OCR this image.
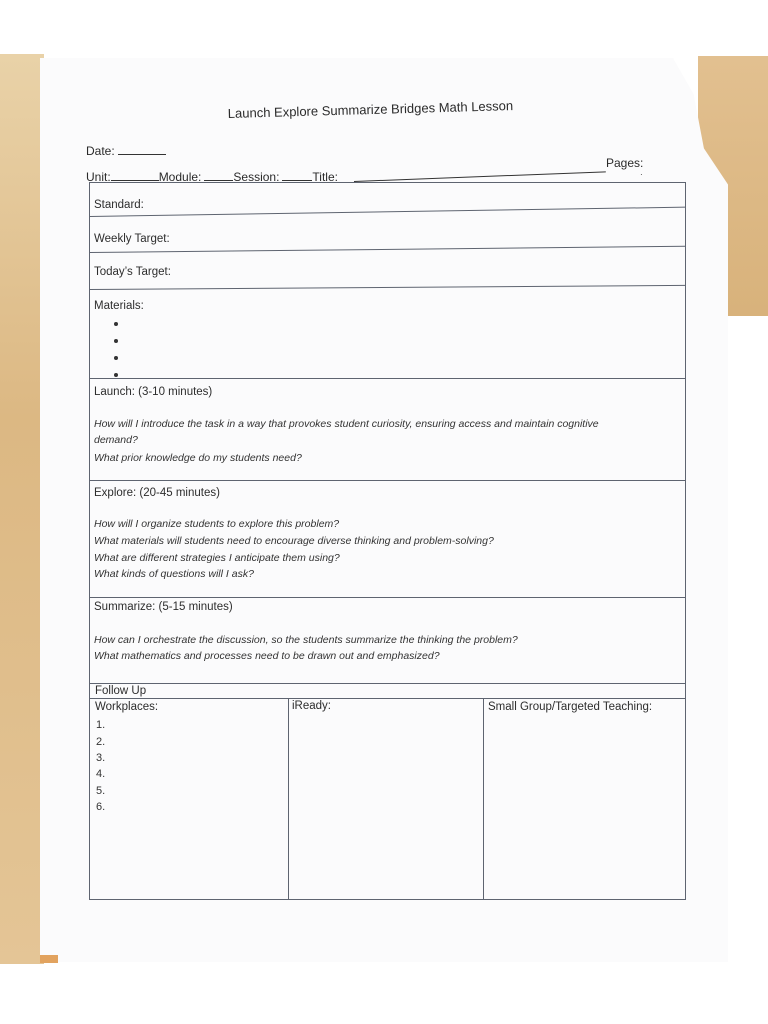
Launch Explore Summarize Bridges Math Lesson
Date:
Unit:	Module:	Session:	Title:
Pages:
·
Standard:
Weekly Target:
Today’s Target:
Materials:
Launch: (3-10 minutes)
How will I introduce the task in a way that provokes student curiosity, ensuring access and maintain cognitive
demand?
What prior knowledge do my students need?
Explore: (20-45 minutes)
How will I organize students to explore this problem?
What materials will students need to encourage diverse thinking and problem-solving?
What are different strategies I anticipate them using?
What kinds of questions will I ask?
Summarize: (5-15 minutes)
How can I orchestrate the discussion, so the students summarize the thinking the problem?
What mathematics and processes need to be drawn out and emphasized?
Follow Up
Workplaces:	iReady:	Small Group/Targeted Teaching:
1.
2.
3.
4.
5.
6.
